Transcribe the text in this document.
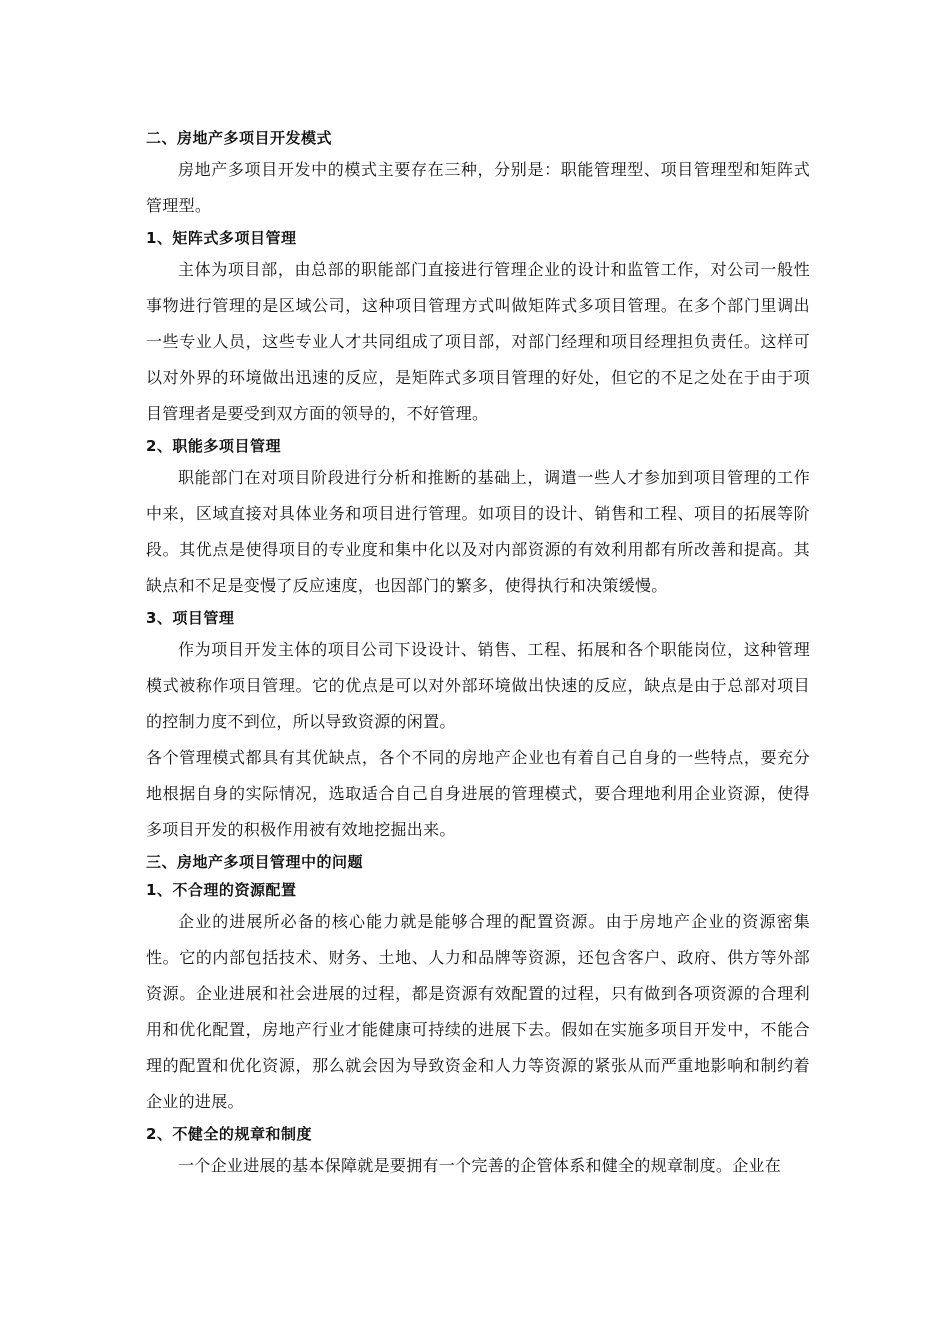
二、房地产多项目开发模式

房地产多项目开发中的模式主要存在三种，分别是：职能管理型、项目管理型和矩阵式管理型。

1、矩阵式多项目管理

主体为项目部，由总部的职能部门直接进行管理企业的设计和监管工作，对公司一般性事物进行管理的是区域公司，这种项目管理方式叫做矩阵式多项目管理。在多个部门里调出一些专业人员，这些专业人才共同组成了项目部，对部门经理和项目经理担负责任。这样可以对外界的环境做出迅速的反应，是矩阵式多项目管理的好处，但它的不足之处在于由于项目管理者是要受到双方面的领导的，不好管理。

2、职能多项目管理

职能部门在对项目阶段进行分析和推断的基础上，调遣一些人才参加到项目管理的工作中来，区域直接对具体业务和项目进行管理。如项目的设计、销售和工程、项目的拓展等阶段。其优点是使得项目的专业度和集中化以及对内部资源的有效利用都有所改善和提高。其缺点和不足是变慢了反应速度，也因部门的繁多，使得执行和决策缓慢。

3、项目管理

作为项目开发主体的项目公司下设设计、销售、工程、拓展和各个职能岗位，这种管理模式被称作项目管理。它的优点是可以对外部环境做出快速的反应，缺点是由于总部对项目的控制力度不到位，所以导致资源的闲置。

各个管理模式都具有其优缺点，各个不同的房地产企业也有着自己自身的一些特点，要充分地根据自身的实际情况，选取适合自己自身进展的管理模式，要合理地利用企业资源，使得多项目开发的积极作用被有效地挖掘出来。

三、房地产多项目管理中的问题
1、不合理的资源配置

企业的进展所必备的核心能力就是能够合理的配置资源。由于房地产企业的资源密集性。它的内部包括技术、财务、土地、人力和品牌等资源，还包含客户、政府、供方等外部资源。企业进展和社会进展的过程，都是资源有效配置的过程，只有做到各项资源的合理利用和优化配置，房地产行业才能健康可持续的进展下去。假如在实施多项目开发中，不能合理的配置和优化资源，那么就会因为导致资金和人力等资源的紧张从而严重地影响和制约着企业的进展。

2、不健全的规章和制度

一个企业进展的基本保障就是要拥有一个完善的企管体系和健全的规章制度。企业在
